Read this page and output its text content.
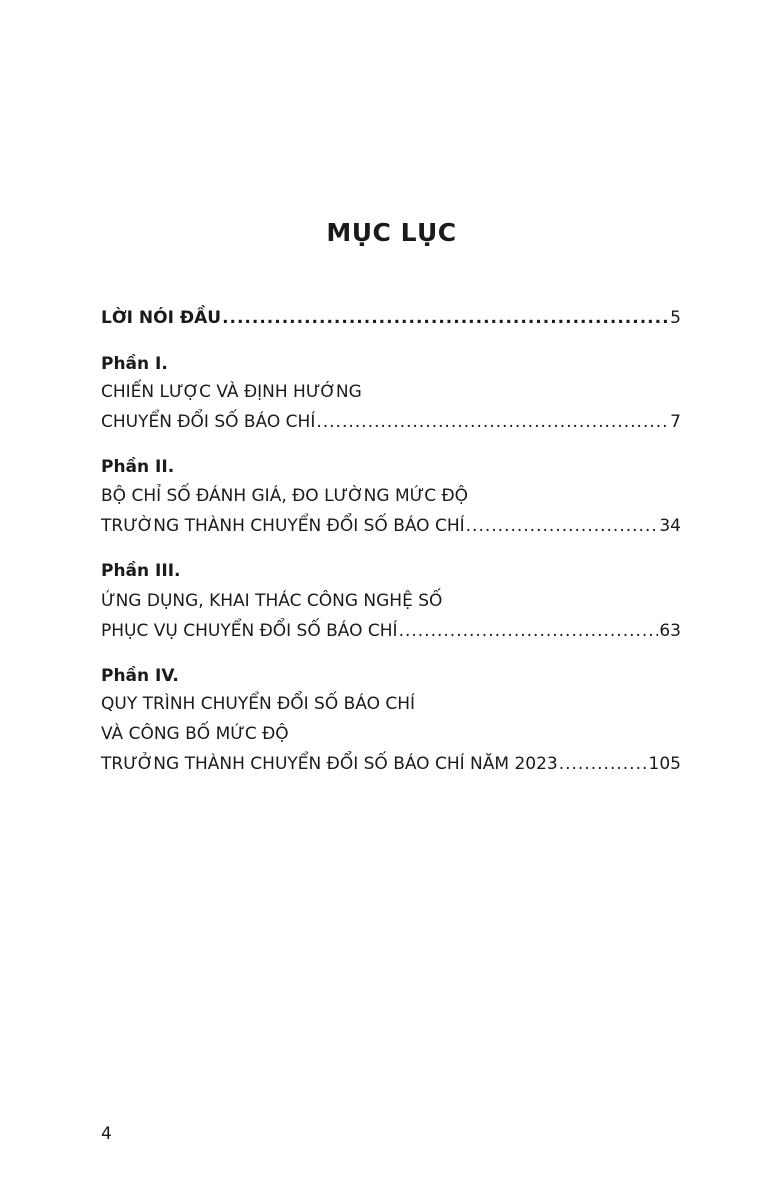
MỤC LỤC
LỜI NÓI ĐẦU .....	5
Phần I.
CHIẾN LƯỢC VÀ ĐỊNH HƯỚNG
CHUYỂN ĐỔI SỐ BÁO CHÍ .....	7
Phần II.
BỘ CHỈ SỐ ĐÁNH GIÁ, ĐO LƯỜNG MỨC ĐỘ
TRƯỜNG THÀNH CHUYỂN ĐỔI SỐ BÁO CHÍ .....	34
Phần III.
ỨNG DỤNG, KHAI THÁC CÔNG NGHỆ SỐ
PHỤC VỤ CHUYỂN ĐỔI SỐ BÁO CHÍ .....	63
Phần IV.
QUY TRÌNH CHUYỂN ĐỔI SỐ BÁO CHÍ
VÀ CÔNG BỐ MỨC ĐỘ
TRƯỞNG THÀNH CHUYỂN ĐỔI SỐ BÁO CHÍ NĂM 2023 .....	105
4
